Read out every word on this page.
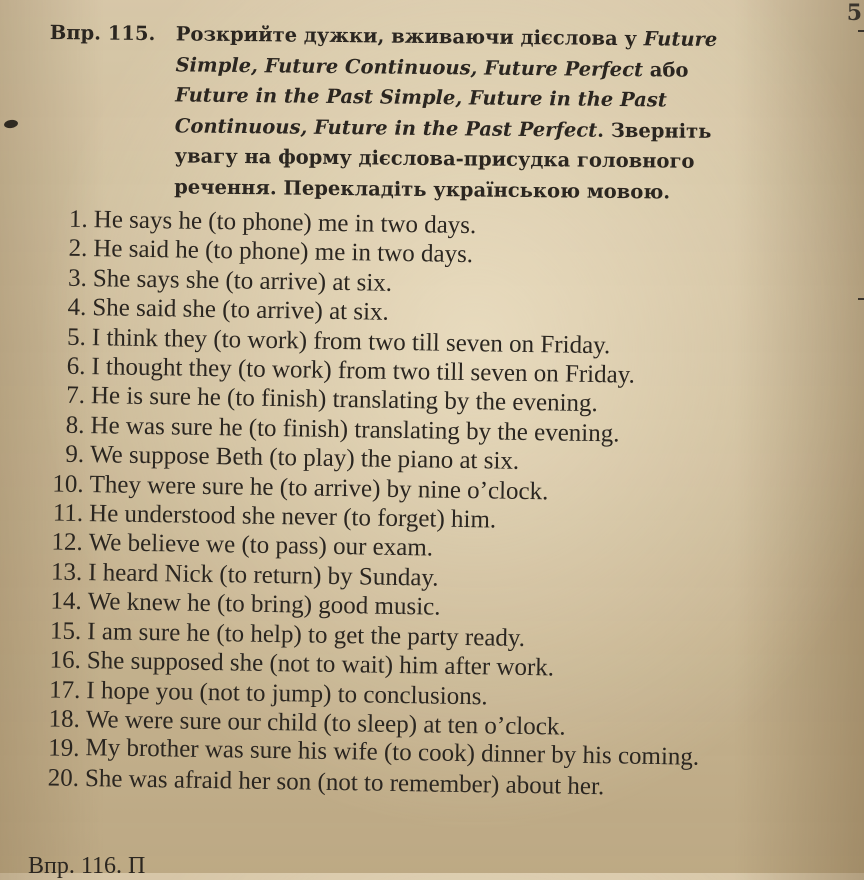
5
Впр. 115. Розкрийте дужки, вживаючи дієслова у Future
Simple, Future Continuous, Future Perfect або
Future in the Past Simple, Future in the Past
Continuous, Future in the Past Perfect. Зверніть
увагу на форму дієслова-присудка головного
речення. Перекладіть українською мовою.
1. He says he (to phone) me in two days.
2. He said he (to phone) me in two days.
3. She says she (to arrive) at six.
4. She said she (to arrive) at six.
5. I think they (to work) from two till seven on Friday.
6. I thought they (to work) from two till seven on Friday.
7. He is sure he (to finish) translating by the evening.
8. He was sure he (to finish) translating by the evening.
9. We suppose Beth (to play) the piano at six.
10. They were sure he (to arrive) by nine o’clock.
11. He understood she never (to forget) him.
12. We believe we (to pass) our exam.
13. I heard Nick (to return) by Sunday.
14. We knew he (to bring) good music.
15. I am sure he (to help) to get the party ready.
16. She supposed she (not to wait) him after work.
17. I hope you (not to jump) to conclusions.
18. We were sure our child (to sleep) at ten o’clock.
19. My brother was sure his wife (to cook) dinner by his coming.
20. She was afraid her son (not to remember) about her.
Впр. 116. П
